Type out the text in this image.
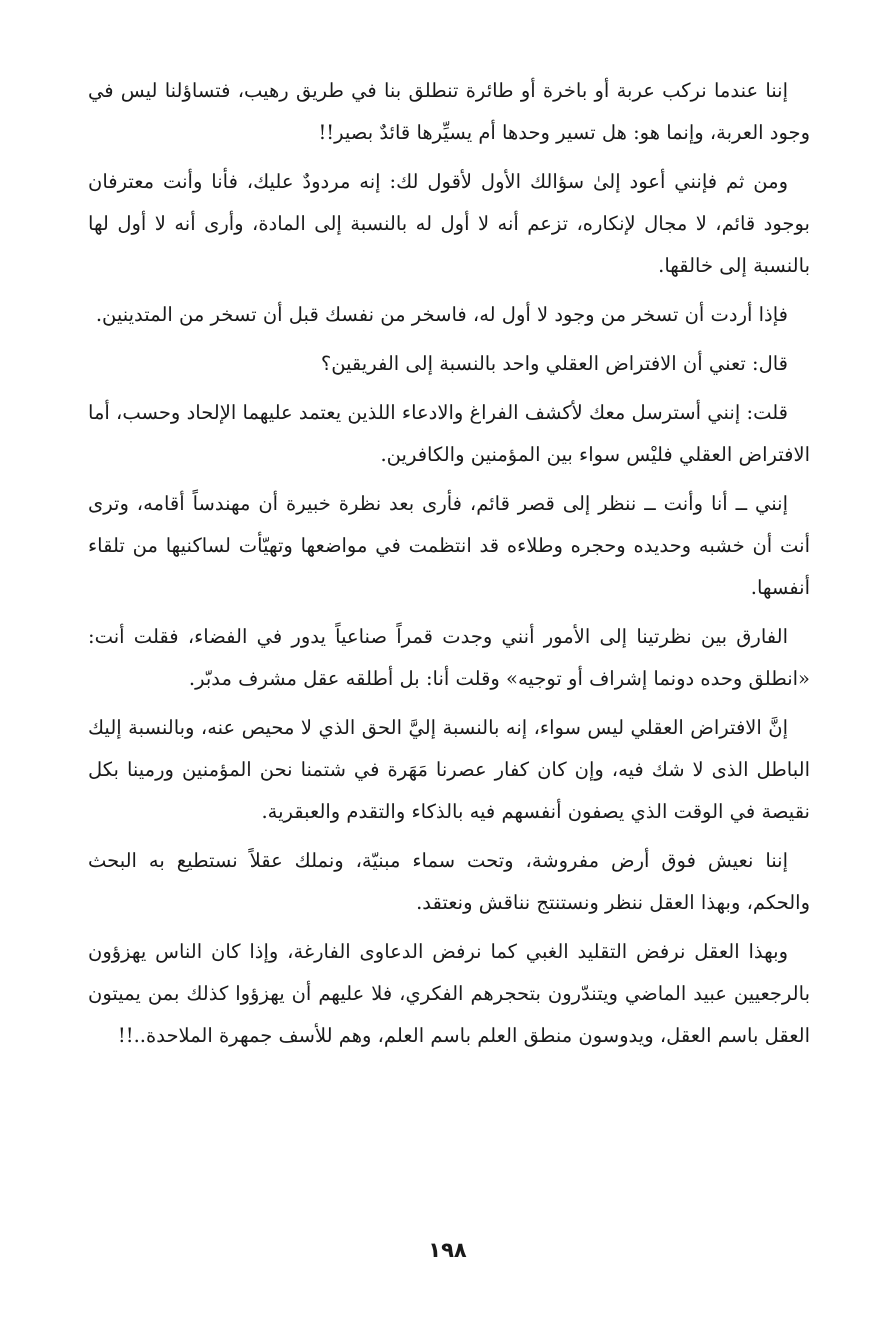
إننا عندما نركب عربة أو باخرة أو طائرة تنطلق بنا في طريق رهيب، فتساؤلنا ليس في وجود العربة، وإنما هو: هل تسير وحدها أم يسيِّرها قائدٌ بصير!!

ومن ثم فإنني أعود إلىٰ سؤالك الأول لأقول لك: إنه مردودٌ عليك، فأنا وأنت معترفان بوجود قائم، لا مجال لإنكاره، تزعم أنه لا أول له بالنسبة إلى المادة، وأرى أنه لا أول لها بالنسبة إلى خالقها.

فإذا أردت أن تسخر من وجود لا أول له، فاسخر من نفسك قبل أن تسخر من المتدينين.

قال: تعني أن الافتراض العقلي واحد بالنسبة إلى الفريقين؟

قلت: إنني أسترسل معك لأكشف الفراغ والادعاء اللذين يعتمد عليهما الإلحاد وحسب، أما الافتراض العقلي فليْس سواء بين المؤمنين والكافرين.

إنني ــ أنا وأنت ــ ننظر إلى قصر قائم، فأرى بعد نظرة خبيرة أن مهندساً أقامه، وترى أنت أن خشبه وحديده وحجره وطلاءه قد انتظمت في مواضعها وتهيّأت لساكنيها من تلقاء أنفسها.

الفارق بين نظرتينا إلى الأمور أنني وجدت قمراً صناعياً يدور في الفضاء، فقلت أنت: «انطلق وحده دونما إشراف أو توجيه» وقلت أنا: بل أطلقه عقل مشرف مدبّر.

إنَّ الافتراض العقلي ليس سواء، إنه بالنسبة إليَّ الحق الذي لا محيص عنه، وبالنسبة إليك الباطل الذى لا شك فيه، وإن كان كفار عصرنا مَهَرة في شتمنا نحن المؤمنين ورمينا بكل نقيصة في الوقت الذي يصفون أنفسهم فيه بالذكاء والتقدم والعبقرية.

إننا نعيش فوق أرض مفروشة، وتحت سماء مبنيّة، ونملك عقلاً نستطيع به البحث والحكم، وبهذا العقل ننظر ونستنتج نناقش ونعتقد.

وبهذا العقل نرفض التقليد الغبي كما نرفض الدعاوى الفارغة، وإذا كان الناس يهزؤون بالرجعيين عبيد الماضي ويتندّرون بتحجرهم الفكري، فلا عليهم أن يهزؤوا كذلك بمن يميتون العقل باسم العقل، ويدوسون منطق العلم باسم العلم، وهم للأسف جمهرة الملاحدة..!!

١٩٨
